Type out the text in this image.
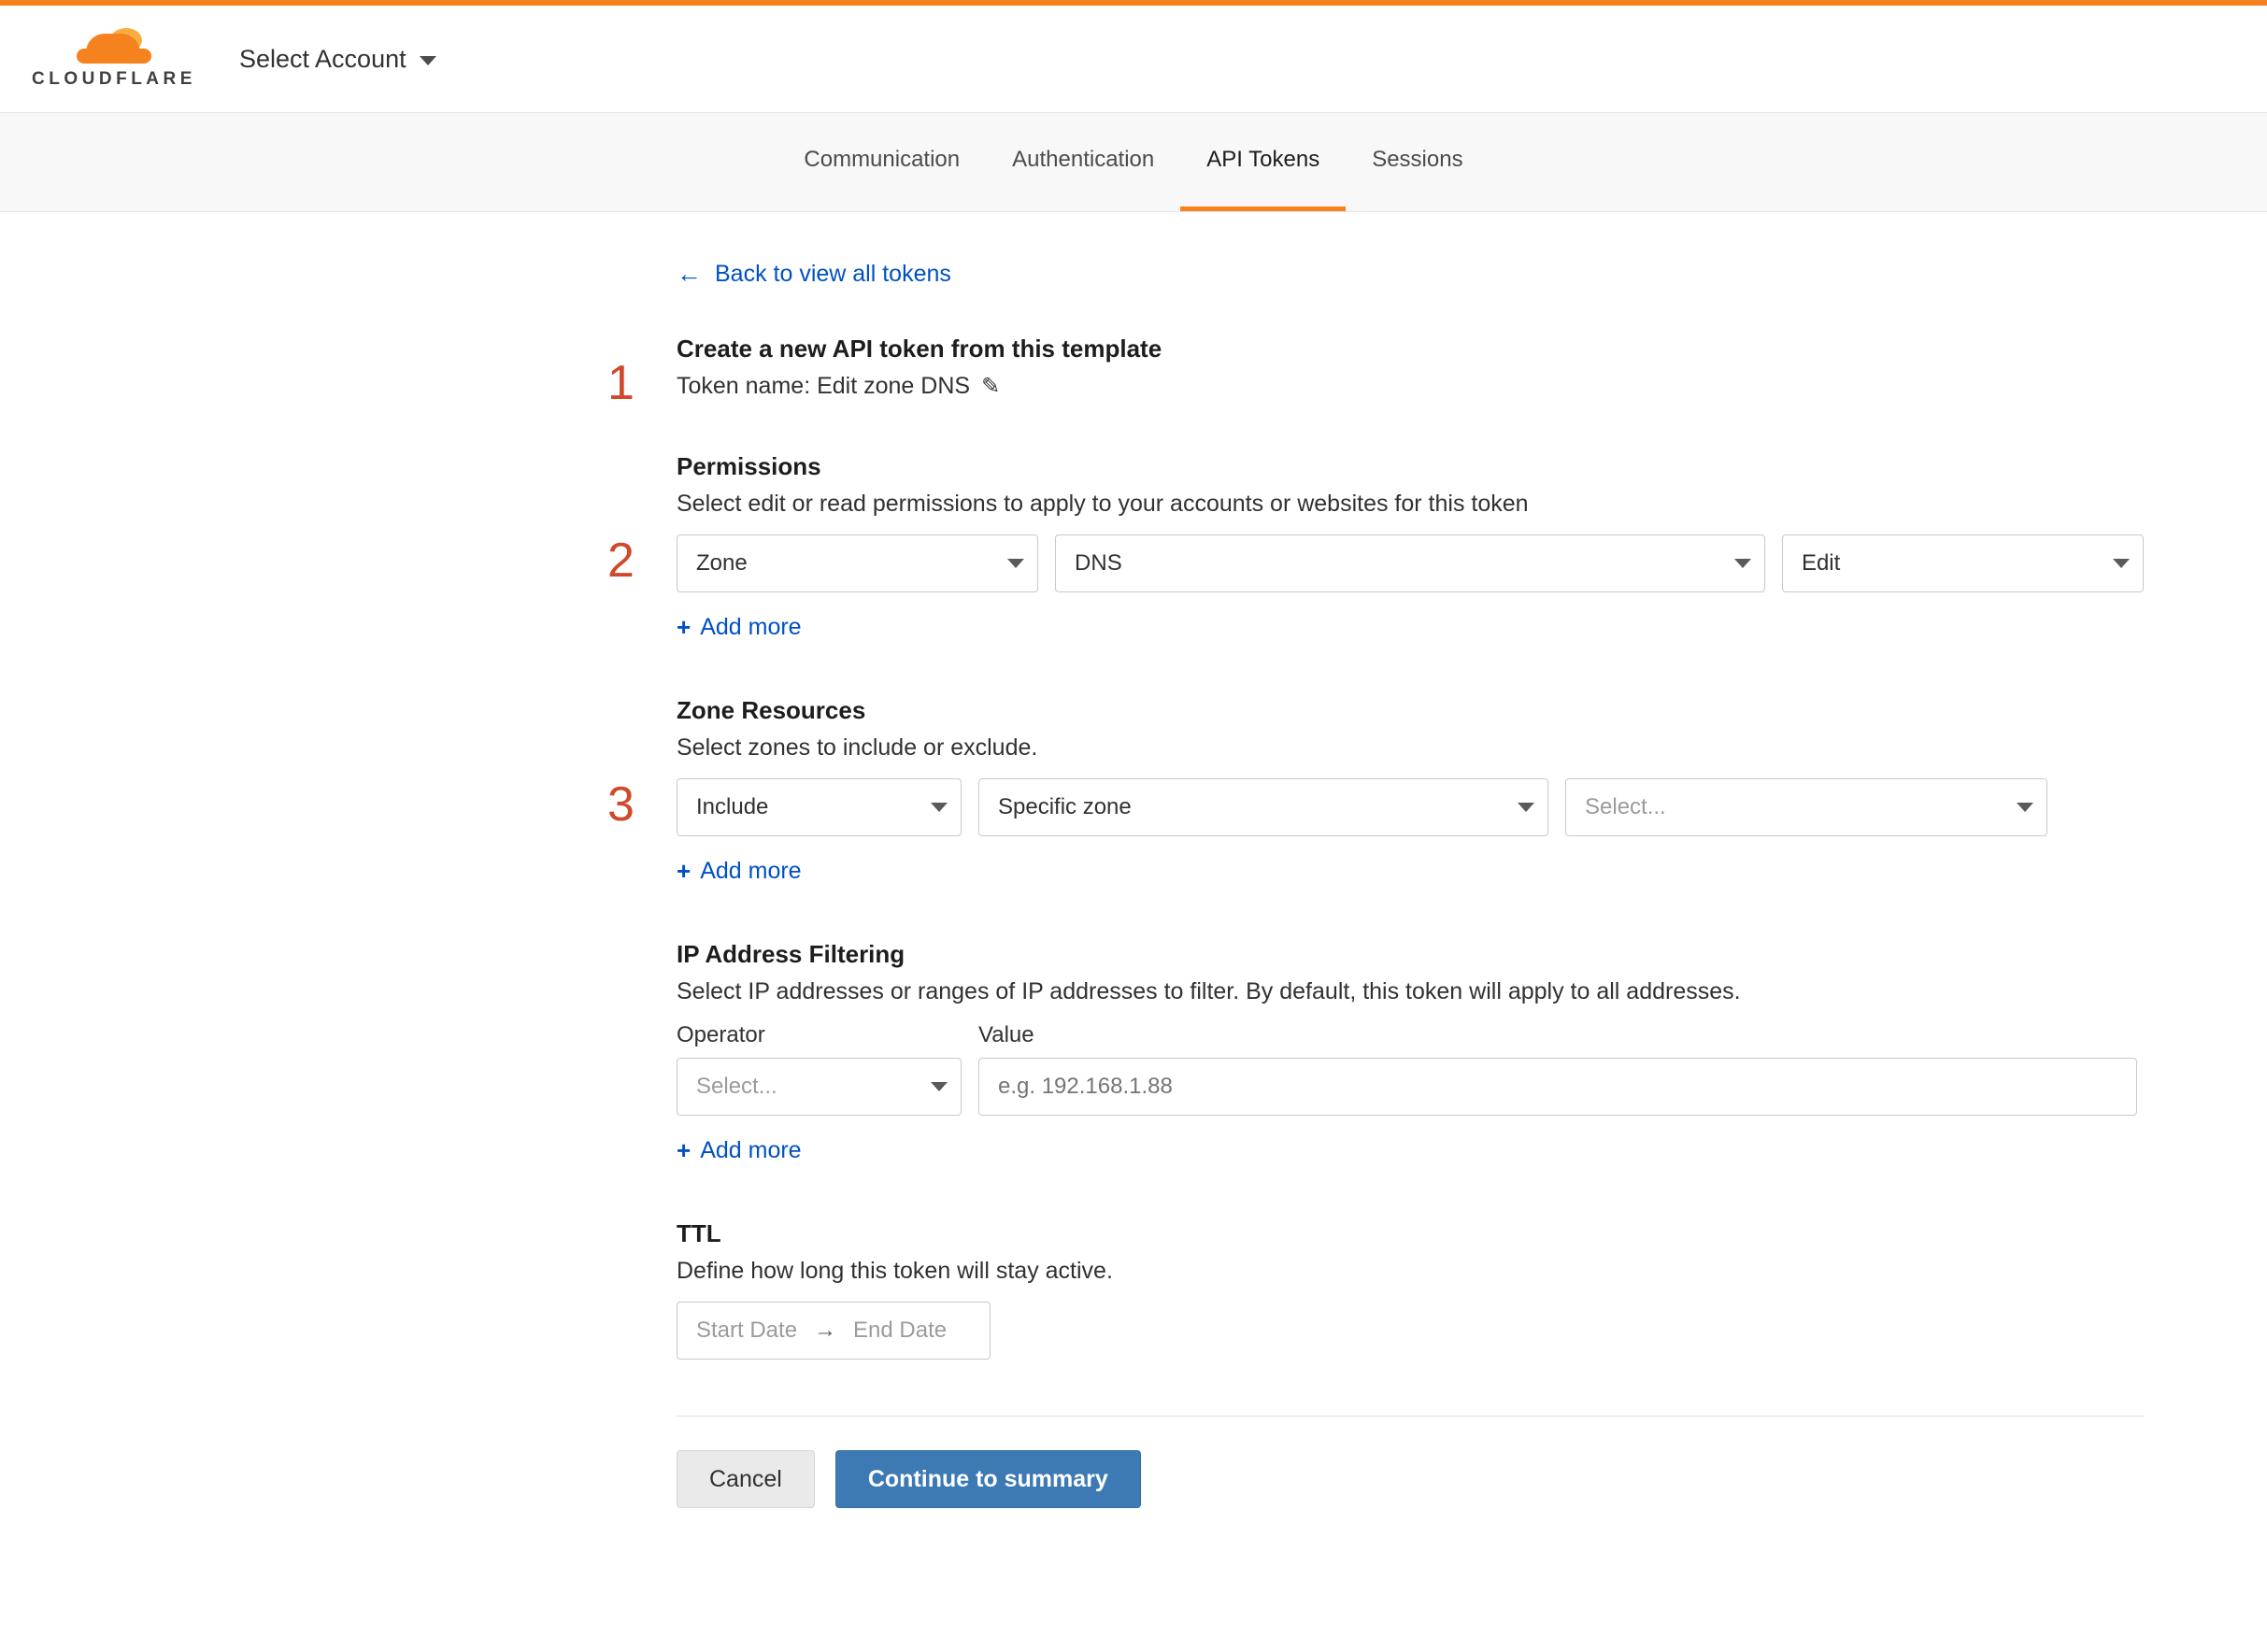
CLOUDFLARE
Select Account
Communication Authentication API Tokens Sessions
← Back to view all tokens
1
Create a new API token from this template
Token name: Edit zone DNS ✎
2
Permissions

Select edit or read permissions to apply to your accounts or websites for this token

Zone	DNS	Edit
+ Add more
3
Zone Resources

Select zones to include or exclude.

Include	Specific zone	Select...
+ Add more
IP Address Filtering

Select IP addresses or ranges of IP addresses to filter. By default, this token will apply to all addresses.

Operator
Select...
Value
e.g. 192.168.1.88
+ Add more
TTL

Define how long this token will stay active.

Start Date → End Date
Cancel	Continue to summary
